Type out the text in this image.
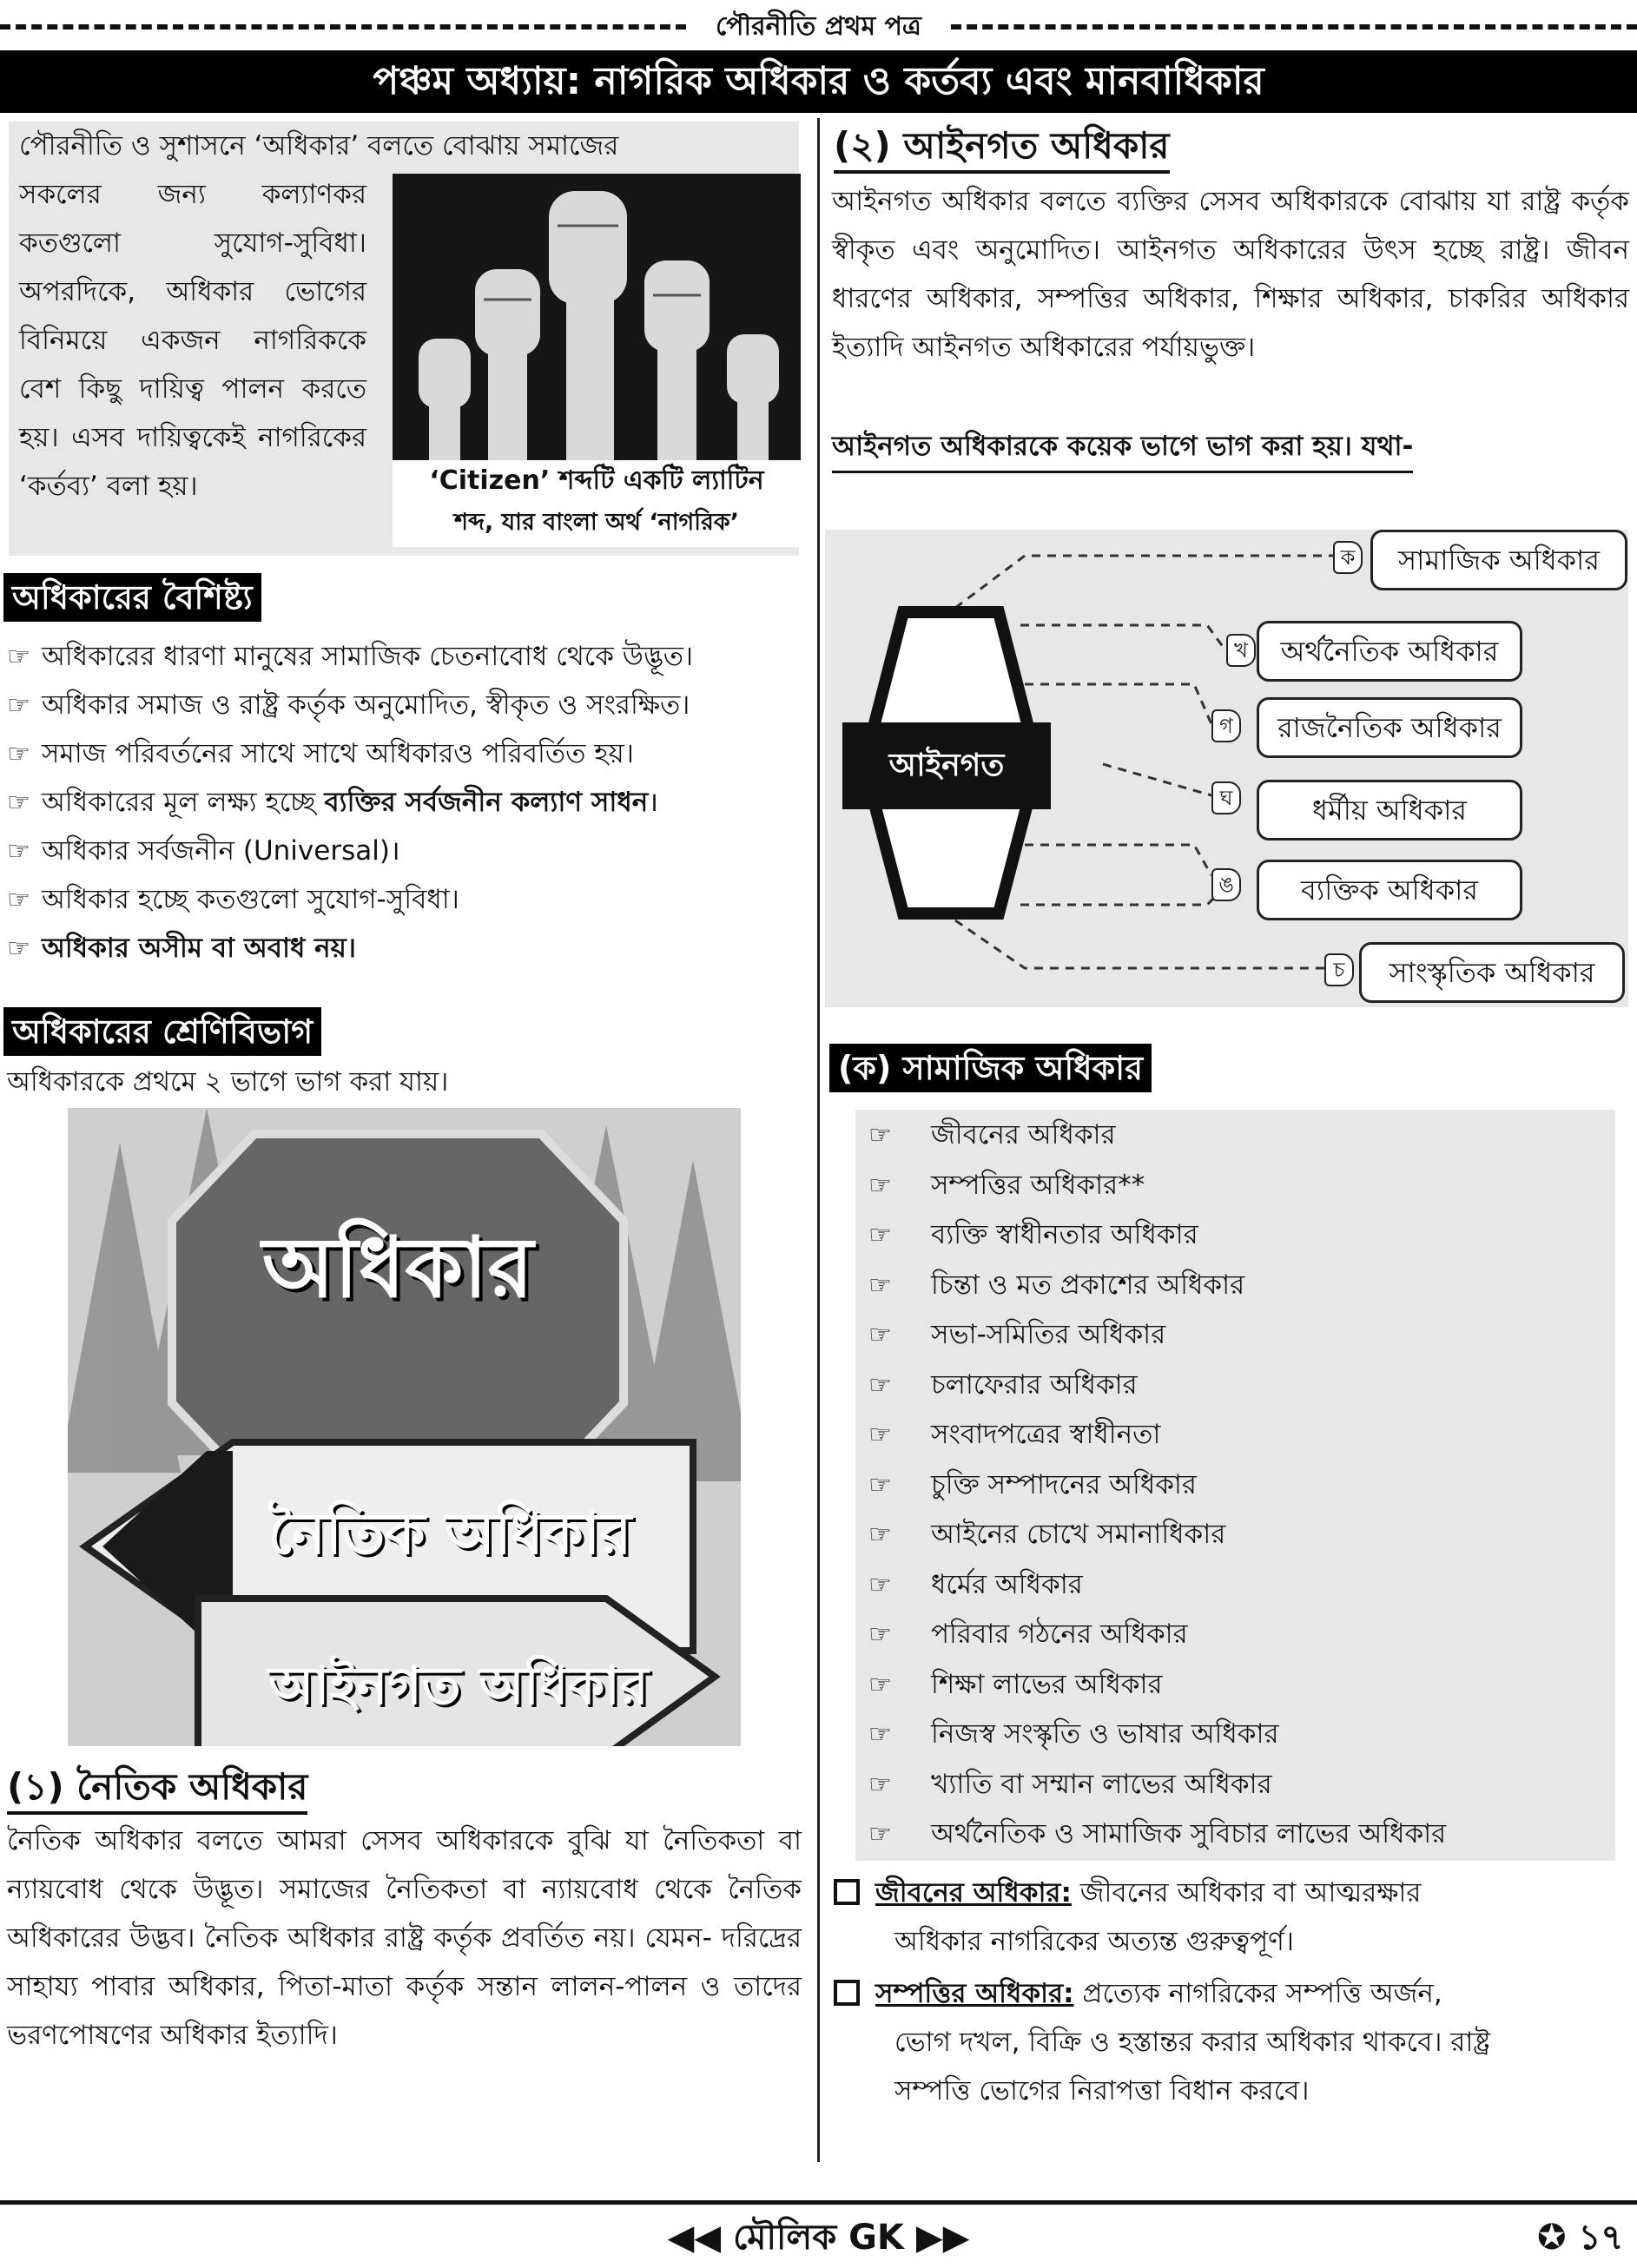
পৌরনীতি প্রথম পত্র
পঞ্চম অধ্যায়: নাগরিক অধিকার ও কর্তব্য এবং মানবাধিকার
পৌরনীতি ও সুশাসনে ‘অধিকার’ বলতে বোঝায় সমাজের
সকলের জন্য কল্যাণকর কতগুলো সুযোগ-সুবিধা। অপরদিকে, অধিকার ভোগের বিনিময়ে একজন নাগরিককে বেশ কিছু দায়িত্ব পালন করতে হয়। এসব দায়িত্বকেই নাগরিকের ‘কর্তব্য’ বলা হয়।	‘Citizen’ শব্দটি একটি ল্যাটিন
শব্দ, যার বাংলা অর্থ ‘নাগরিক’
অধিকারের বৈশিষ্ট্য
☞ অধিকারের ধারণা মানুষের সামাজিক চেতনাবোধ থেকে উদ্ভূত।
☞ অধিকার সমাজ ও রাষ্ট্র কর্তৃক অনুমোদিত, স্বীকৃত ও সংরক্ষিত।
☞ সমাজ পরিবর্তনের সাথে সাথে অধিকারও পরিবর্তিত হয়।
☞ অধিকারের মূল লক্ষ্য হচ্ছে ব্যক্তির সর্বজনীন কল্যাণ সাধন।
☞ অধিকার সর্বজনীন (Universal)।
☞ অধিকার হচ্ছে কতগুলো সুযোগ-সুবিধা।
☞ অধিকার অসীম বা অবাধ নয়।
অধিকারের শ্রেণিবিভাগ
অধিকারকে প্রথমে ২ ভাগে ভাগ করা যায়।
অধিকার
নৈতিক অধিকার
আইনগত অধিকার
(১) নৈতিক অধিকার
নৈতিক অধিকার বলতে আমরা সেসব অধিকারকে বুঝি যা নৈতিকতা বা ন্যায়বোধ থেকে উদ্ভূত। সমাজের নৈতিকতা বা ন্যায়বোধ থেকে নৈতিক অধিকারের উদ্ভব। নৈতিক অধিকার রাষ্ট্র কর্তৃক প্রবর্তিত নয়। যেমন- দরিদ্রের সাহায্য পাবার অধিকার, পিতা-মাতা কর্তৃক সন্তান লালন-পালন ও তাদের ভরণপোষণের অধিকার ইত্যাদি।
(২) আইনগত অধিকার
আইনগত অধিকার বলতে ব্যক্তির সেসব অধিকারকে বোঝায় যা রাষ্ট্র কর্তৃক স্বীকৃত এবং অনুমোদিত। আইনগত অধিকারের উৎস হচ্ছে রাষ্ট্র। জীবন ধারণের অধিকার, সম্পত্তির অধিকার, শিক্ষার অধিকার, চাকরির অধিকার ইত্যাদি আইনগত অধিকারের পর্যায়ভুক্ত।
আইনগত অধিকারকে কয়েক ভাগে ভাগ করা হয়। যথা-
আইনগত অধিকার
ক	সামাজিক অধিকার
খ	অর্থনৈতিক অধিকার
গ	রাজনৈতিক অধিকার
ঘ	ধর্মীয় অধিকার
ঙ	ব্যক্তিক অধিকার
চ	সাংস্কৃতিক অধিকার
(ক) সামাজিক অধিকার
☞ জীবনের অধিকার
☞ সম্পত্তির অধিকার**
☞ ব্যক্তি স্বাধীনতার অধিকার
☞ চিন্তা ও মত প্রকাশের অধিকার
☞ সভা-সমিতির অধিকার
☞ চলাফেরার অধিকার
☞ সংবাদপত্রের স্বাধীনতা
☞ চুক্তি সম্পাদনের অধিকার
☞ আইনের চোখে সমানাধিকার
☞ ধর্মের অধিকার
☞ পরিবার গঠনের অধিকার
☞ শিক্ষা লাভের অধিকার
☞ নিজস্ব সংস্কৃতি ও ভাষার অধিকার
☞ খ্যাতি বা সম্মান লাভের অধিকার
☞ অর্থনৈতিক ও সামাজিক সুবিচার লাভের অধিকার
জীবনের অধিকার: জীবনের অধিকার বা আত্মরক্ষার
অধিকার নাগরিকের অত্যন্ত গুরুত্বপূর্ণ।
সম্পত্তির অধিকার: প্রত্যেক নাগরিকের সম্পত্তি অর্জন,
ভোগ দখল, বিক্রি ও হস্তান্তর করার অধিকার থাকবে। রাষ্ট্র
সম্পত্তি ভোগের নিরাপত্তা বিধান করবে।
◀◀ মৌলিক GK ▶▶	✪ ১৭
